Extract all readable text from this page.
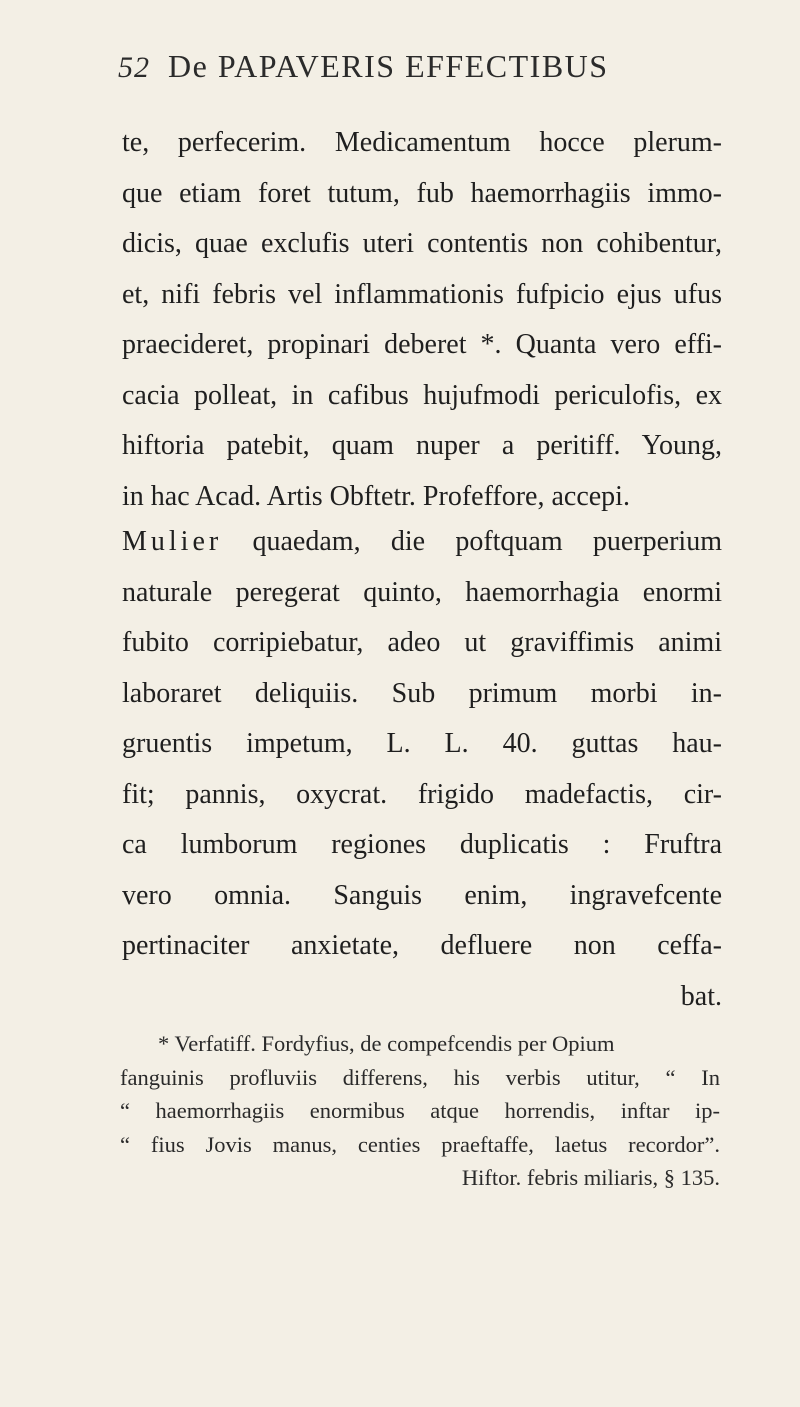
52 De PAPAVERIS EFFECTIBUS
te, perfecerim. Medicamentum hocce plerum-
que etiam foret tutum, fub haemorrhagiis immo-
dicis, quae exclufis uteri contentis non cohibentur,
et, nifi febris vel inflammationis fufpicio ejus ufus
praecideret, propinari deberet *. Quanta vero effi-
cacia polleat, in cafibus hujufmodi periculofis, ex
hiftoria patebit, quam nuper a peritiff. Young,
in hac Acad. Artis Obftetr. Profeffore, accepi.
Mulier quaedam, die poftquam puerperium
naturale peregerat quinto, haemorrhagia enormi
fubito corripiebatur, adeo ut graviffimis animi
laboraret deliquiis. Sub primum morbi in-
gruentis impetum, L. L. 40. guttas hau-
fit; pannis, oxycrat. frigido madefactis, cir-
ca lumborum regiones duplicatis : Fruftra
vero omnia. Sanguis enim, ingravefcente
pertinaciter anxietate, defluere non ceffa-
bat.
* Verfatiff. Fordyfius, de compefcendis per Opium
fanguinis profluviis differens, his verbis utitur, “ In
“ haemorrhagiis enormibus atque horrendis, inftar ip-
“ fius Jovis manus, centies praeftaffe, laetus recordor”.
Hiftor. febris miliaris, § 135.
